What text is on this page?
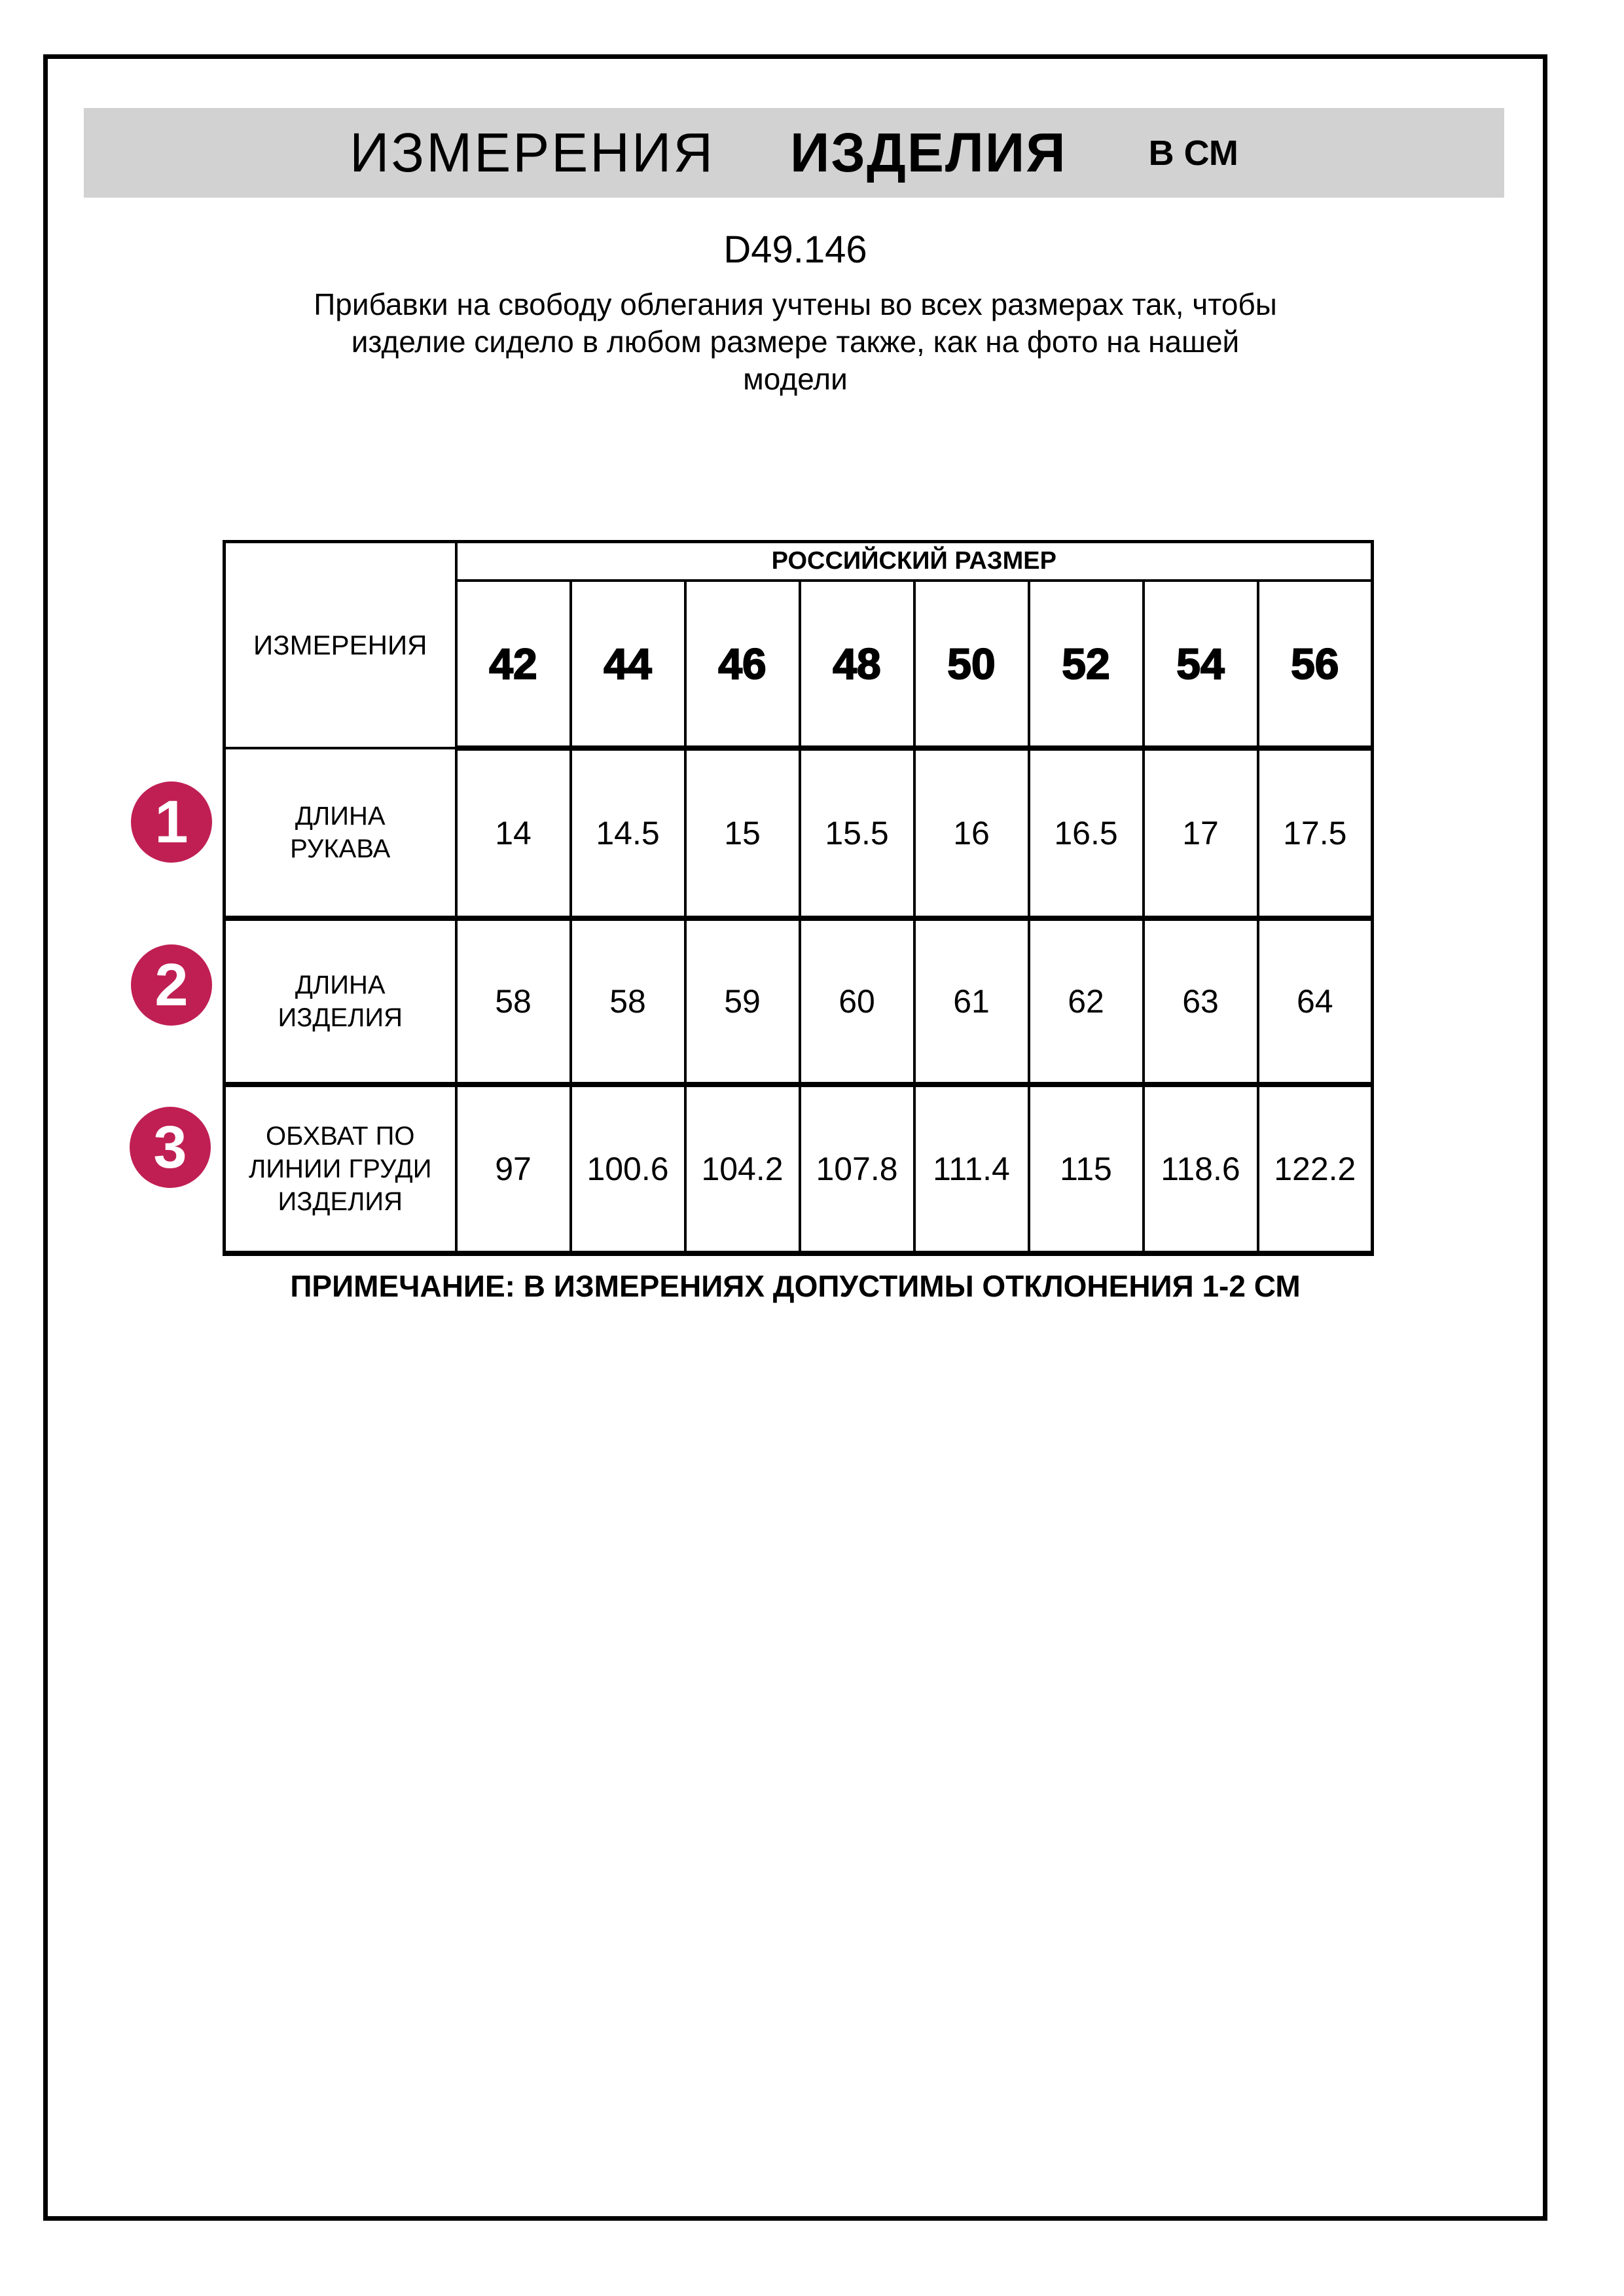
ИЗМЕРЕНИЯ ИЗДЕЛИЯ В СМ
D49.146
Прибавки на свободу облегания учтены во всех размерах так, чтобы
изделие сидело в любом размере также, как на фото на нашей
модели
ИЗМЕРЕНИЯ	РОССИЙСКИЙ РАЗМЕР							
	42	44	46	48	50	52	54	56

ДЛИНА РУКАВА	14	14.5	15	15.5	16	16.5	17	17.5

ДЛИНА
ИЗДЕЛИЯ	58	58	59	60	61	62	63	64

ОБХВАТ ПО
ЛИНИИ ГРУДИ
ИЗДЕЛИЯ	97	100.6	104.2	107.8	111.4	115	118.6	122.2
1
2
3
ПРИМЕЧАНИЕ: В ИЗМЕРЕНИЯХ ДОПУСТИМЫ ОТКЛОНЕНИЯ 1-2 СМ
